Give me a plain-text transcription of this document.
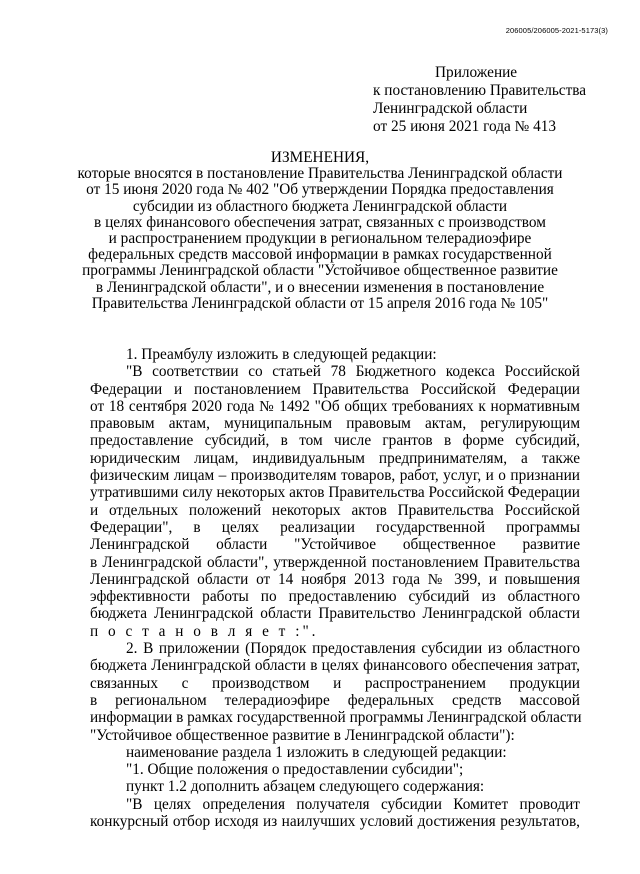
206005/206005-2021-5173(3)
Приложение
к постановлению Правительства
Ленинградской области
от 25 июня 2021 года № 413
ИЗМЕНЕНИЯ,
которые вносятся в постановление Правительства Ленинградской области
от 15 июня 2020 года № 402 "Об утверждении Порядка предоставления
субсидии из областного бюджета Ленинградской области
в целях финансового обеспечения затрат, связанных с производством
и распространением продукции в региональном телерадиоэфире
федеральных средств массовой информации в рамках государственной
программы Ленинградской области "Устойчивое общественное развитие
в Ленинградской области", и о внесении изменения в постановление
Правительства Ленинградской области от 15 апреля 2016 года № 105"
1. Преамбулу изложить в следующей редакции:
"В соответствии со статьей 78 Бюджетного кодекса Российской
Федерации и постановлением Правительства Российской Федерации
от 18 сентября 2020 года № 1492 "Об общих требованиях к нормативным
правовым актам, муниципальным правовым актам, регулирующим
предоставление субсидий, в том числе грантов в форме субсидий,
юридическим лицам, индивидуальным предпринимателям, а также
физическим лицам – производителям товаров, работ, услуг, и о признании
утратившими силу некоторых актов Правительства Российской Федерации
и отдельных положений некоторых актов Правительства Российской
Федерации", в целях реализации государственной программы
Ленинградской области "Устойчивое общественное развитие
в Ленинградской области", утвержденной постановлением Правительства
Ленинградской области от 14 ноября 2013 года № 399, и повышения
эффективности работы по предоставлению субсидий из областного
бюджета Ленинградской области Правительство Ленинградской области
п о с т а н о в л я е т :".
2. В приложении (Порядок предоставления субсидии из областного
бюджета Ленинградской области в целях финансового обеспечения затрат,
связанных с производством и распространением продукции
в региональном телерадиоэфире федеральных средств массовой
информации в рамках государственной программы Ленинградской области
"Устойчивое общественное развитие в Ленинградской области"):
наименование раздела 1 изложить в следующей редакции:
"1. Общие положения о предоставлении субсидии";
пункт 1.2 дополнить абзацем следующего содержания:
"В целях определения получателя субсидии Комитет проводит
конкурсный отбор исходя из наилучших условий достижения результатов,
